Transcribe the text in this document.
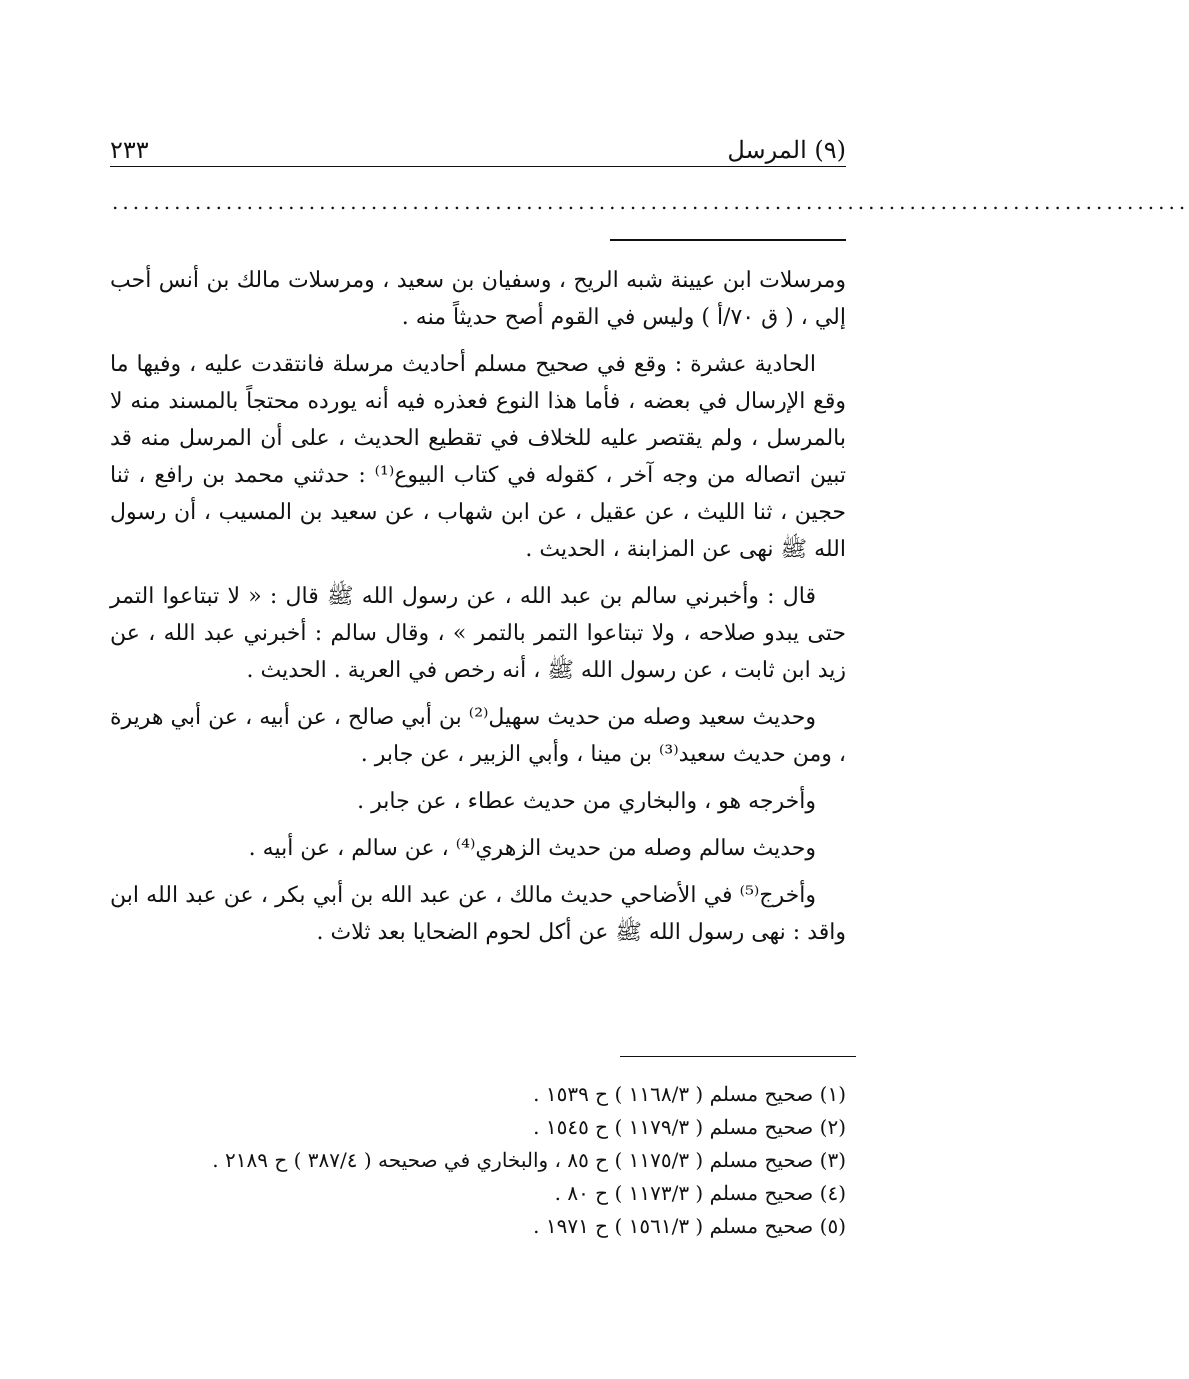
(٩) المرسل
٢٣٣
........................................................................................................

ومرسلات ابن عيينة شبه الريح ، وسفيان بن سعيد ، ومرسلات مالك بن أنس أحب إلي ، ( ق ٧٠/أ ) وليس في القوم أصح حديثاً منه .

الحادية عشرة : وقع في صحيح مسلم أحاديث مرسلة فانتقدت عليه ، وفيها ما وقع الإرسال في بعضه ، فأما هذا النوع فعذره فيه أنه يورده محتجاً بالمسند منه لا بالمرسل ، ولم يقتصر عليه للخلاف في تقطيع الحديث ، على أن المرسل منه قد تبين اتصاله من وجه آخر ، كقوله في كتاب البيوع⁽¹⁾ : حدثني محمد بن رافع ، ثنا حجين ، ثنا الليث ، عن عقيل ، عن ابن شهاب ، عن سعيد بن المسيب ، أن رسول الله ﷺ نهى عن المزابنة ، الحديث .

قال : وأخبرني سالم بن عبد الله ، عن رسول الله ﷺ قال : « لا تبتاعوا التمر حتى يبدو صلاحه ، ولا تبتاعوا التمر بالتمر » ، وقال سالم : أخبرني عبد الله ، عن زيد ابن ثابت ، عن رسول الله ﷺ ، أنه رخص في العرية . الحديث .

وحديث سعيد وصله من حديث سهيل⁽²⁾ بن أبي صالح ، عن أبيه ، عن أبي هريرة ، ومن حديث سعيد⁽³⁾ بن مينا ، وأبي الزبير ، عن جابر .

وأخرجه هو ، والبخاري من حديث عطاء ، عن جابر .

وحديث سالم وصله من حديث الزهري⁽⁴⁾ ، عن سالم ، عن أبيه .

وأخرج⁽⁵⁾ في الأضاحي حديث مالك ، عن عبد الله بن أبي بكر ، عن عبد الله ابن واقد : نهى رسول الله ﷺ عن أكل لحوم الضحايا بعد ثلاث .

(١) صحيح مسلم ( ١١٦٨/٣ ) ح ١٥٣٩ .
(٢) صحيح مسلم ( ١١٧٩/٣ ) ح ١٥٤٥ .
(٣) صحيح مسلم ( ١١٧٥/٣ ) ح ٨٥ ، والبخاري في صحيحه ( ٣٨٧/٤ ) ح ٢١٨٩ .
(٤) صحيح مسلم ( ١١٧٣/٣ ) ح ٨٠ .
(٥) صحيح مسلم ( ١٥٦١/٣ ) ح ١٩٧١ .
